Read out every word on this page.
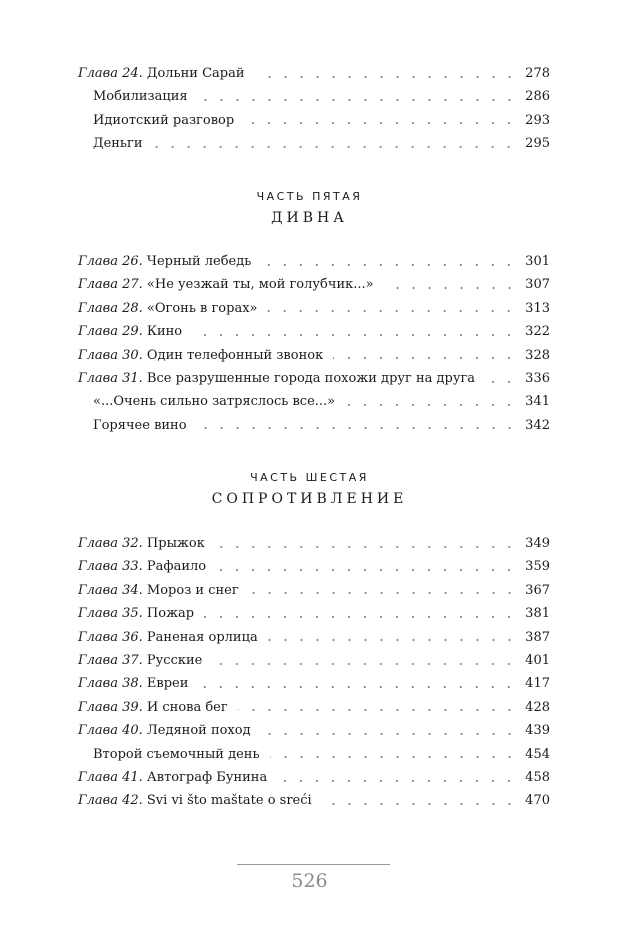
Глава 24. Дольни Сарай	278
Мобилизация	286
Идиотский разговор	293
Деньги	295
ЧАСТЬ ПЯТАЯ
ДИВНА
Глава 26. Черный лебедь	301
Глава 27. «Не уезжай ты, мой голубчик...»	307
Глава 28. «Огонь в горах»	313
Глава 29. Кино	322
Глава 30. Один телефонный звонок	328
Глава 31. Все разрушенные города похожи друг на друга	336
«...Очень сильно затряслось все...»	341
Горячее вино	342
ЧАСТЬ ШЕСТАЯ
СОПРОТИВЛЕНИЕ
Глава 32. Прыжок	349
Глава 33. Рафаило	359
Глава 34. Мороз и снег	367
Глава 35. Пожар	381
Глава 36. Раненая орлица	387
Глава 37. Русские	401
Глава 38. Евреи	417
Глава 39. И снова бег	428
Глава 40. Ледяной поход	439
Второй съемочный день	454
Глава 41. Автограф Бунина	458
Глава 42. Svi vi što maštate o sreći	470
526
